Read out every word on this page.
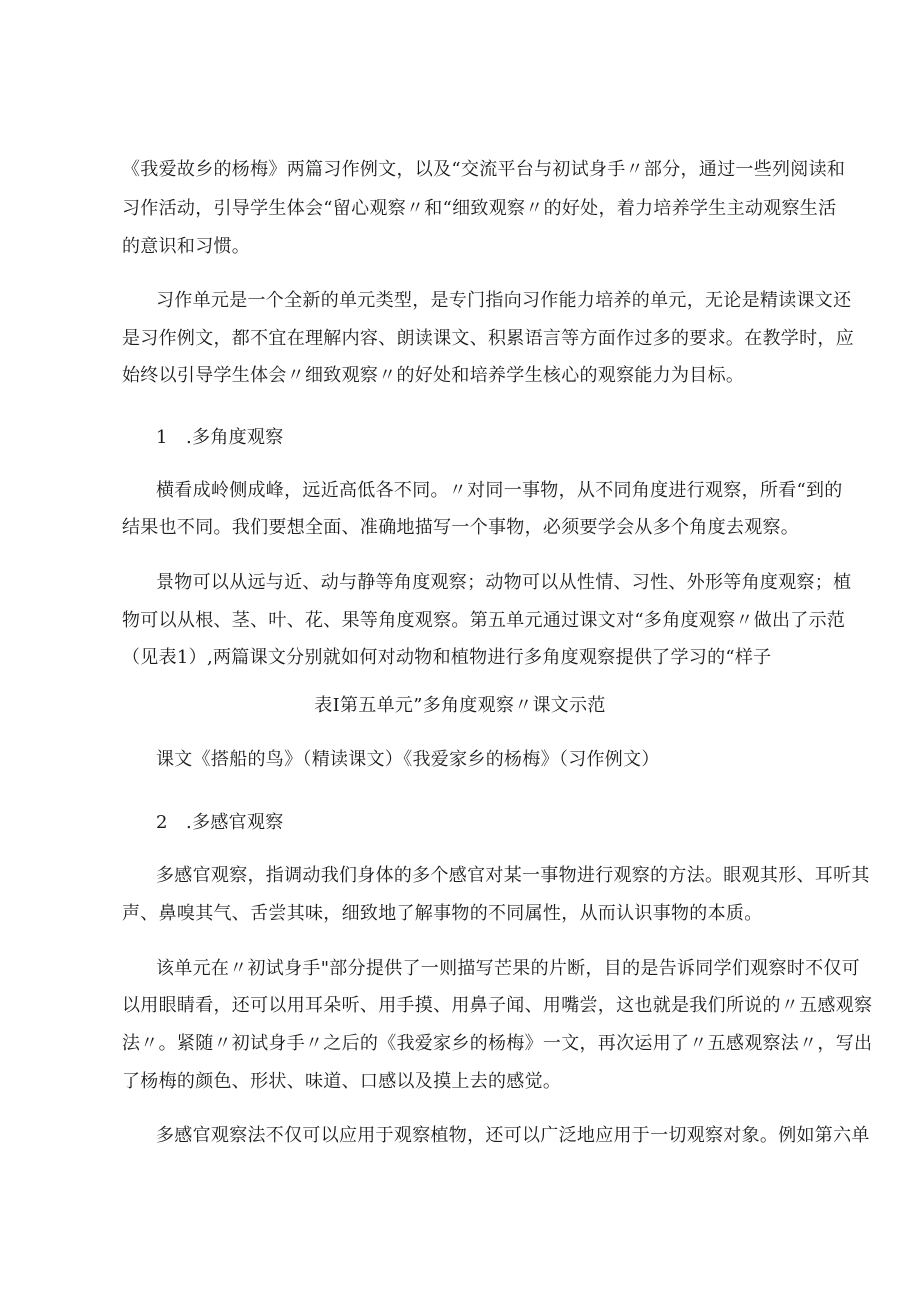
《我爱故乡的杨梅》两篇习作例文，以及“交流平台与初试身手〃部分，通过一些列阅读和
习作活动，引导学生体会“留心观察〃和“细致观察〃的好处，着力培养学生主动观察生活
的意识和习惯。
习作单元是一个全新的单元类型，是专门指向习作能力培养的单元，无论是精读课文还
是习作例文，都不宜在理解内容、朗读课文、积累语言等方面作过多的要求。在教学时，应
始终以引导学生体会〃细致观察〃的好处和培养学生核心的观察能力为目标。
1　.多角度观察
横看成岭侧成峰，远近高低各不同。〃对同一事物，从不同角度进行观察，所看“到的
结果也不同。我们要想全面、准确地描写一个事物，必须要学会从多个角度去观察。
景物可以从远与近、动与静等角度观察；动物可以从性情、习性、外形等角度观察；植
物可以从根、茎、叶、花、果等角度观察。第五单元通过课文对“多角度观察〃做出了示范
（见表1）,两篇课文分别就如何对动物和植物进行多角度观察提供了学习的“样子
表I第五单元”多角度观察〃课文示范
课文《搭船的鸟》（精读课文）《我爱家乡的杨梅》（习作例文）
2　.多感官观察
多感官观察，指调动我们身体的多个感官对某一事物进行观察的方法。眼观其形、耳听其
声、鼻嗅其气、舌尝其味，细致地了解事物的不同属性，从而认识事物的本质。
该单元在〃初试身手"部分提供了一则描写芒果的片断，目的是告诉同学们观察时不仅可
以用眼睛看，还可以用耳朵听、用手摸、用鼻子闻、用嘴尝，这也就是我们所说的〃五感观察
法〃。紧随〃初试身手〃之后的《我爱家乡的杨梅》一文，再次运用了〃五感观察法〃，写出
了杨梅的颜色、形状、味道、口感以及摸上去的感觉。
多感官观察法不仅可以应用于观察植物，还可以广泛地应用于一切观察对象。例如第六单
